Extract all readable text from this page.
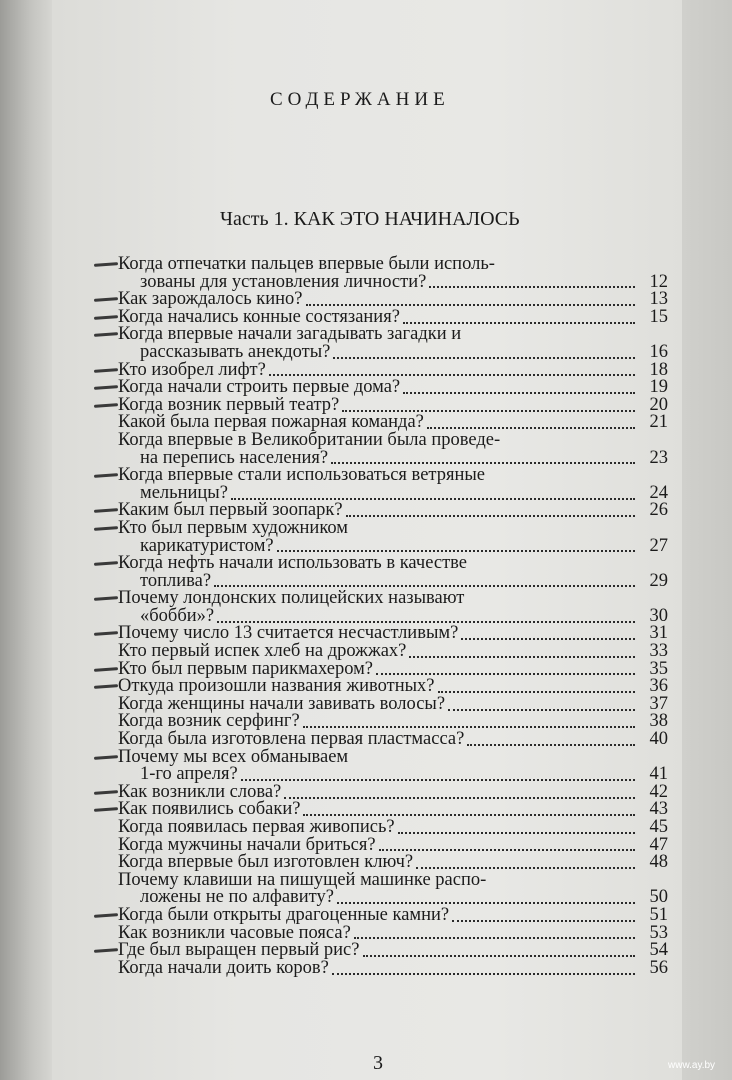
СОДЕРЖАНИЕ
Часть 1. КАК ЭТО НАЧИНАЛОСЬ
Когда отпечатки пальцев впервые были исполь-
зованы для установления личности?	12
Как зарождалось кино?	13
Когда начались конные состязания?	15
Когда впервые начали загадывать загадки и
рассказывать анекдоты?	16
Кто изобрел лифт?	18
Когда начали строить первые дома?	19
Когда возник первый театр?	20
Какой была первая пожарная команда?	21
Когда впервые в Великобритании была проведе-
на перепись населения?	23
Когда впервые стали использоваться ветряные
мельницы?	24
Каким был первый зоопарк?	26
Кто был первым художником
карикатуристом?	27
Когда нефть начали использовать в качестве
топлива?	29
Почему лондонских полицейских называют
«бобби»?	30
Почему число 13 считается несчастливым?	31
Кто первый испек хлеб на дрожжах?	33
Кто был первым парикмахером?	35
Откуда произошли названия животных?	36
Когда женщины начали завивать волосы?	37
Когда возник серфинг?	38
Когда была изготовлена первая пластмасса?	40
Почему мы всех обманываем
1-го апреля?	41
Как возникли слова?	42
Как появились собаки?	43
Когда появилась первая живопись?	45
Когда мужчины начали бриться?	47
Когда впервые был изготовлен ключ?	48
Почему клавиши на пишущей машинке распо-
ложены не по алфавиту?	50
Когда были открыты драгоценные камни?	51
Как возникли часовые пояса?	53
Где был выращен первый рис?	54
Когда начали доить коров?	56
3	www.ay.by
